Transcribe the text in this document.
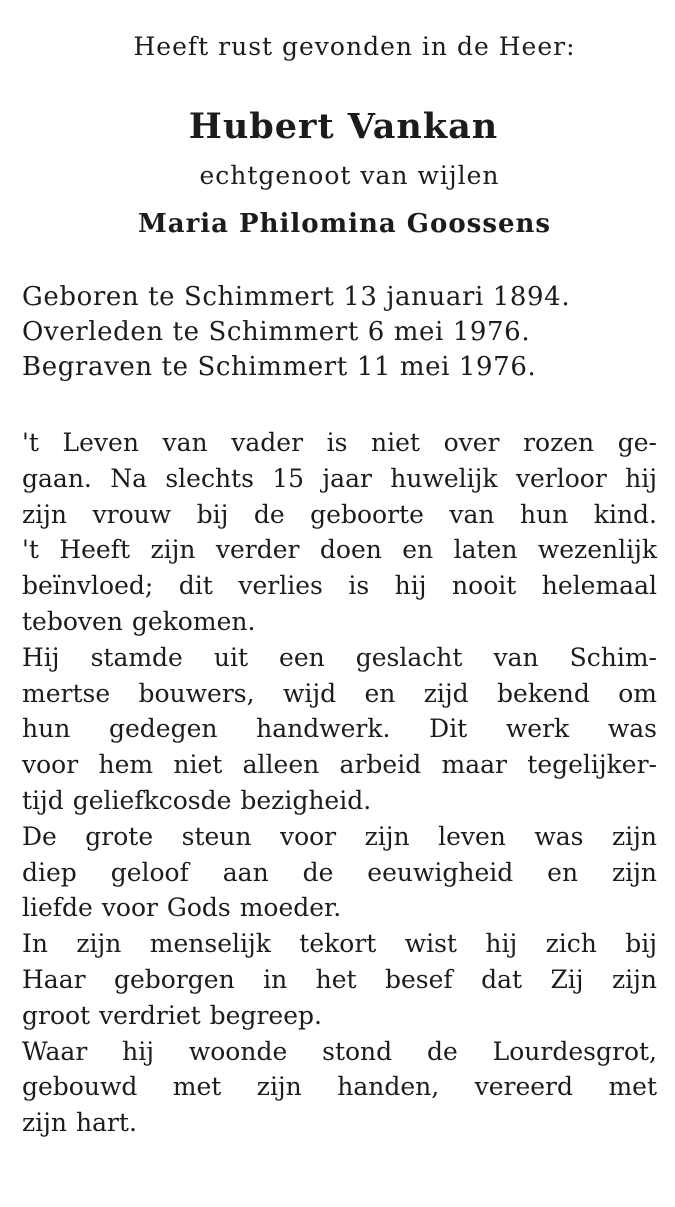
Heeft rust gevonden in de Heer:
Hubert Vankan
echtgenoot van wijlen
Maria Philomina Goossens
Geboren te Schimmert 13 januari 1894.
Overleden te Schimmert 6 mei 1976.
Begraven te Schimmert 11 mei 1976.
't Leven van vader is niet over rozen ge-
gaan. Na slechts 15 jaar huwelijk verloor hij
zijn vrouw bij de geboorte van hun kind.
't Heeft zijn verder doen en laten wezenlijk
beïnvloed; dit verlies is hij nooit helemaal
teboven gekomen.
Hij stamde uit een geslacht van Schim-
mertse bouwers, wijd en zijd bekend om
hun gedegen handwerk. Dit werk was
voor hem niet alleen arbeid maar tegelijker-
tijd geliefkcosde bezigheid.
De grote steun voor zijn leven was zijn
diep geloof aan de eeuwigheid en zijn
liefde voor Gods moeder.
In zijn menselijk tekort wist hij zich bij
Haar geborgen in het besef dat Zij zijn
groot verdriet begreep.
Waar hij woonde stond de Lourdesgrot,
gebouwd met zijn handen, vereerd met
zijn hart.
